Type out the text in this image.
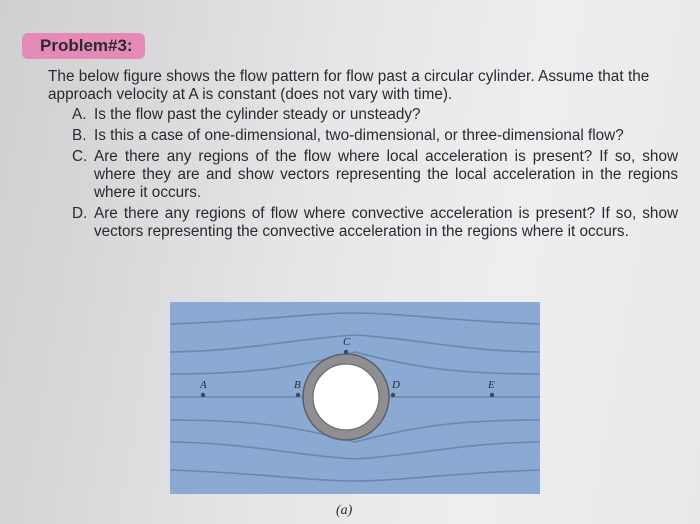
Problem#3:
The below figure shows the flow pattern for flow past a circular cylinder. Assume that the approach velocity at A is constant (does not vary with time).
A. Is the flow past the cylinder steady or unsteady?
B. Is this a case of one-dimensional, two-dimensional, or three-dimensional flow?
C. Are there any regions of the flow where local acceleration is present? If so, show where they are and show vectors representing the local acceleration in the regions where it occurs.
D. Are there any regions of flow where convective acceleration is present? If so, show vectors representing the convective acceleration in the regions where it occurs.
A	B
C
D	E
(a)
